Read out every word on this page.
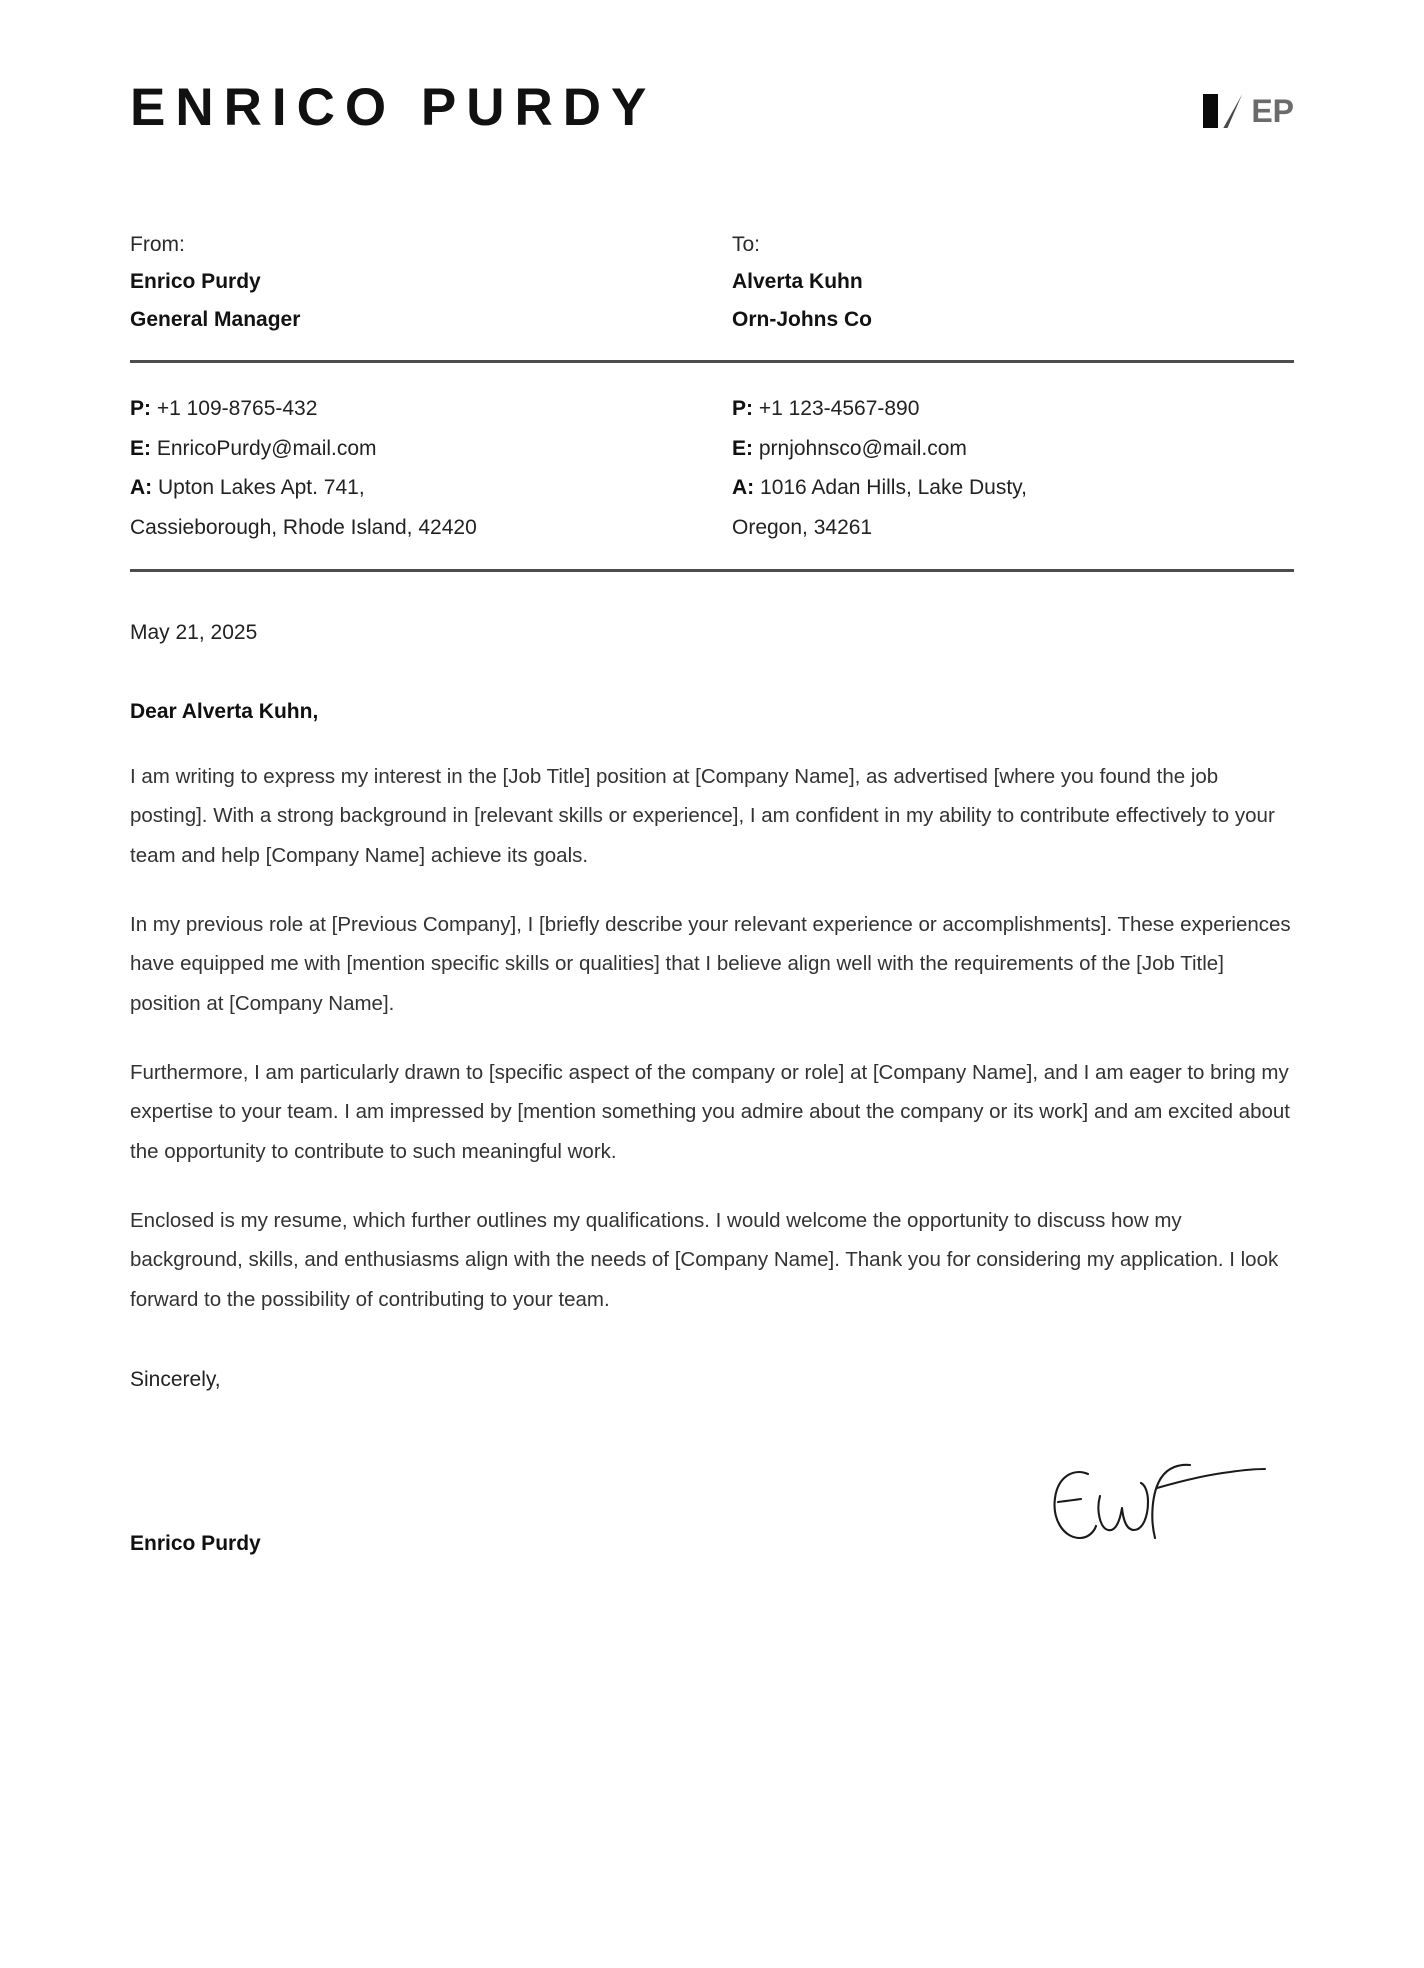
ENRICO PURDY	EP
From:
Enrico Purdy
General Manager
To:
Alverta Kuhn
Orn-Johns Co
P: +1 109-8765-432
E: EnricoPurdy@mail.com
A: Upton Lakes Apt. 741,
Cassieborough, Rhode Island, 42420
P: +1 123-4567-890
E: prnjohnsco@mail.com
A: 1016 Adan Hills, Lake Dusty,
Oregon, 34261
May 21, 2025
Dear Alverta Kuhn,

I am writing to express my interest in the [Job Title] position at [Company Name], as advertised [where you found the job posting]. With a strong background in [relevant skills or experience], I am confident in my ability to contribute effectively to your team and help [Company Name] achieve its goals.

In my previous role at [Previous Company], I [briefly describe your relevant experience or accomplishments]. These experiences have equipped me with [mention specific skills or qualities] that I believe align well with the requirements of the [Job Title] position at [Company Name].

Furthermore, I am particularly drawn to [specific aspect of the company or role] at [Company Name], and I am eager to bring my expertise to your team. I am impressed by [mention something you admire about the company or its work] and am excited about the opportunity to contribute to such meaningful work.

Enclosed is my resume, which further outlines my qualifications. I would welcome the opportunity to discuss how my background, skills, and enthusiasms align with the needs of [Company Name]. Thank you for considering my application. I look forward to the possibility of contributing to your team.

Sincerely,
Enrico Purdy
